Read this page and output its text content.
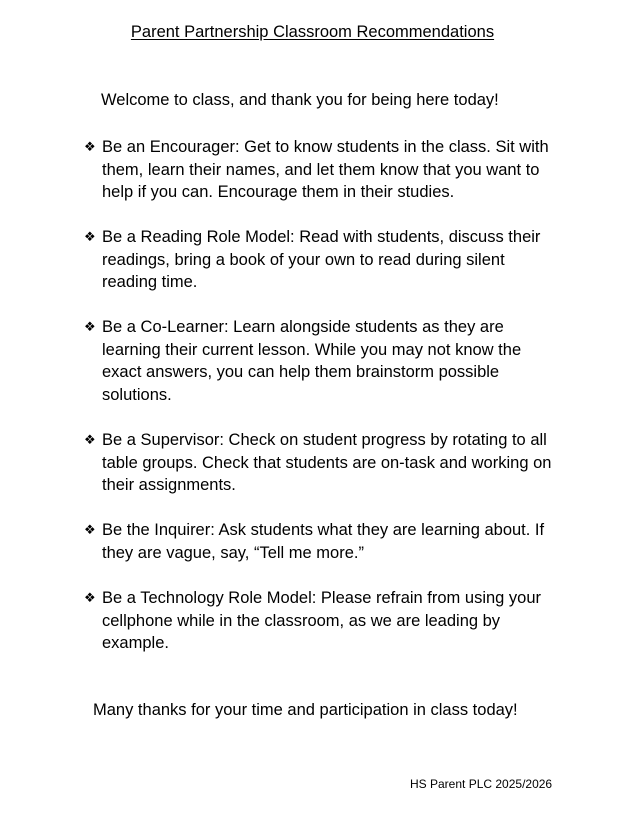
Parent Partnership Classroom Recommendations
Welcome to class, and thank you for being here today!
❖ Be an Encourager: Get to know students in the class. Sit with them, learn their names, and let them know that you want to help if you can. Encourage them in their studies.
❖ Be a Reading Role Model: Read with students, discuss their readings, bring a book of your own to read during silent reading time.
❖ Be a Co-Learner: Learn alongside students as they are learning their current lesson. While you may not know the exact answers, you can help them brainstorm possible solutions.
❖ Be a Supervisor: Check on student progress by rotating to all table groups. Check that students are on-task and working on their assignments.
❖ Be the Inquirer: Ask students what they are learning about. If they are vague, say, “Tell me more.”
❖ Be a Technology Role Model: Please refrain from using your cellphone while in the classroom, as we are leading by example.
Many thanks for your time and participation in class today!
HS Parent PLC 2025/2026
